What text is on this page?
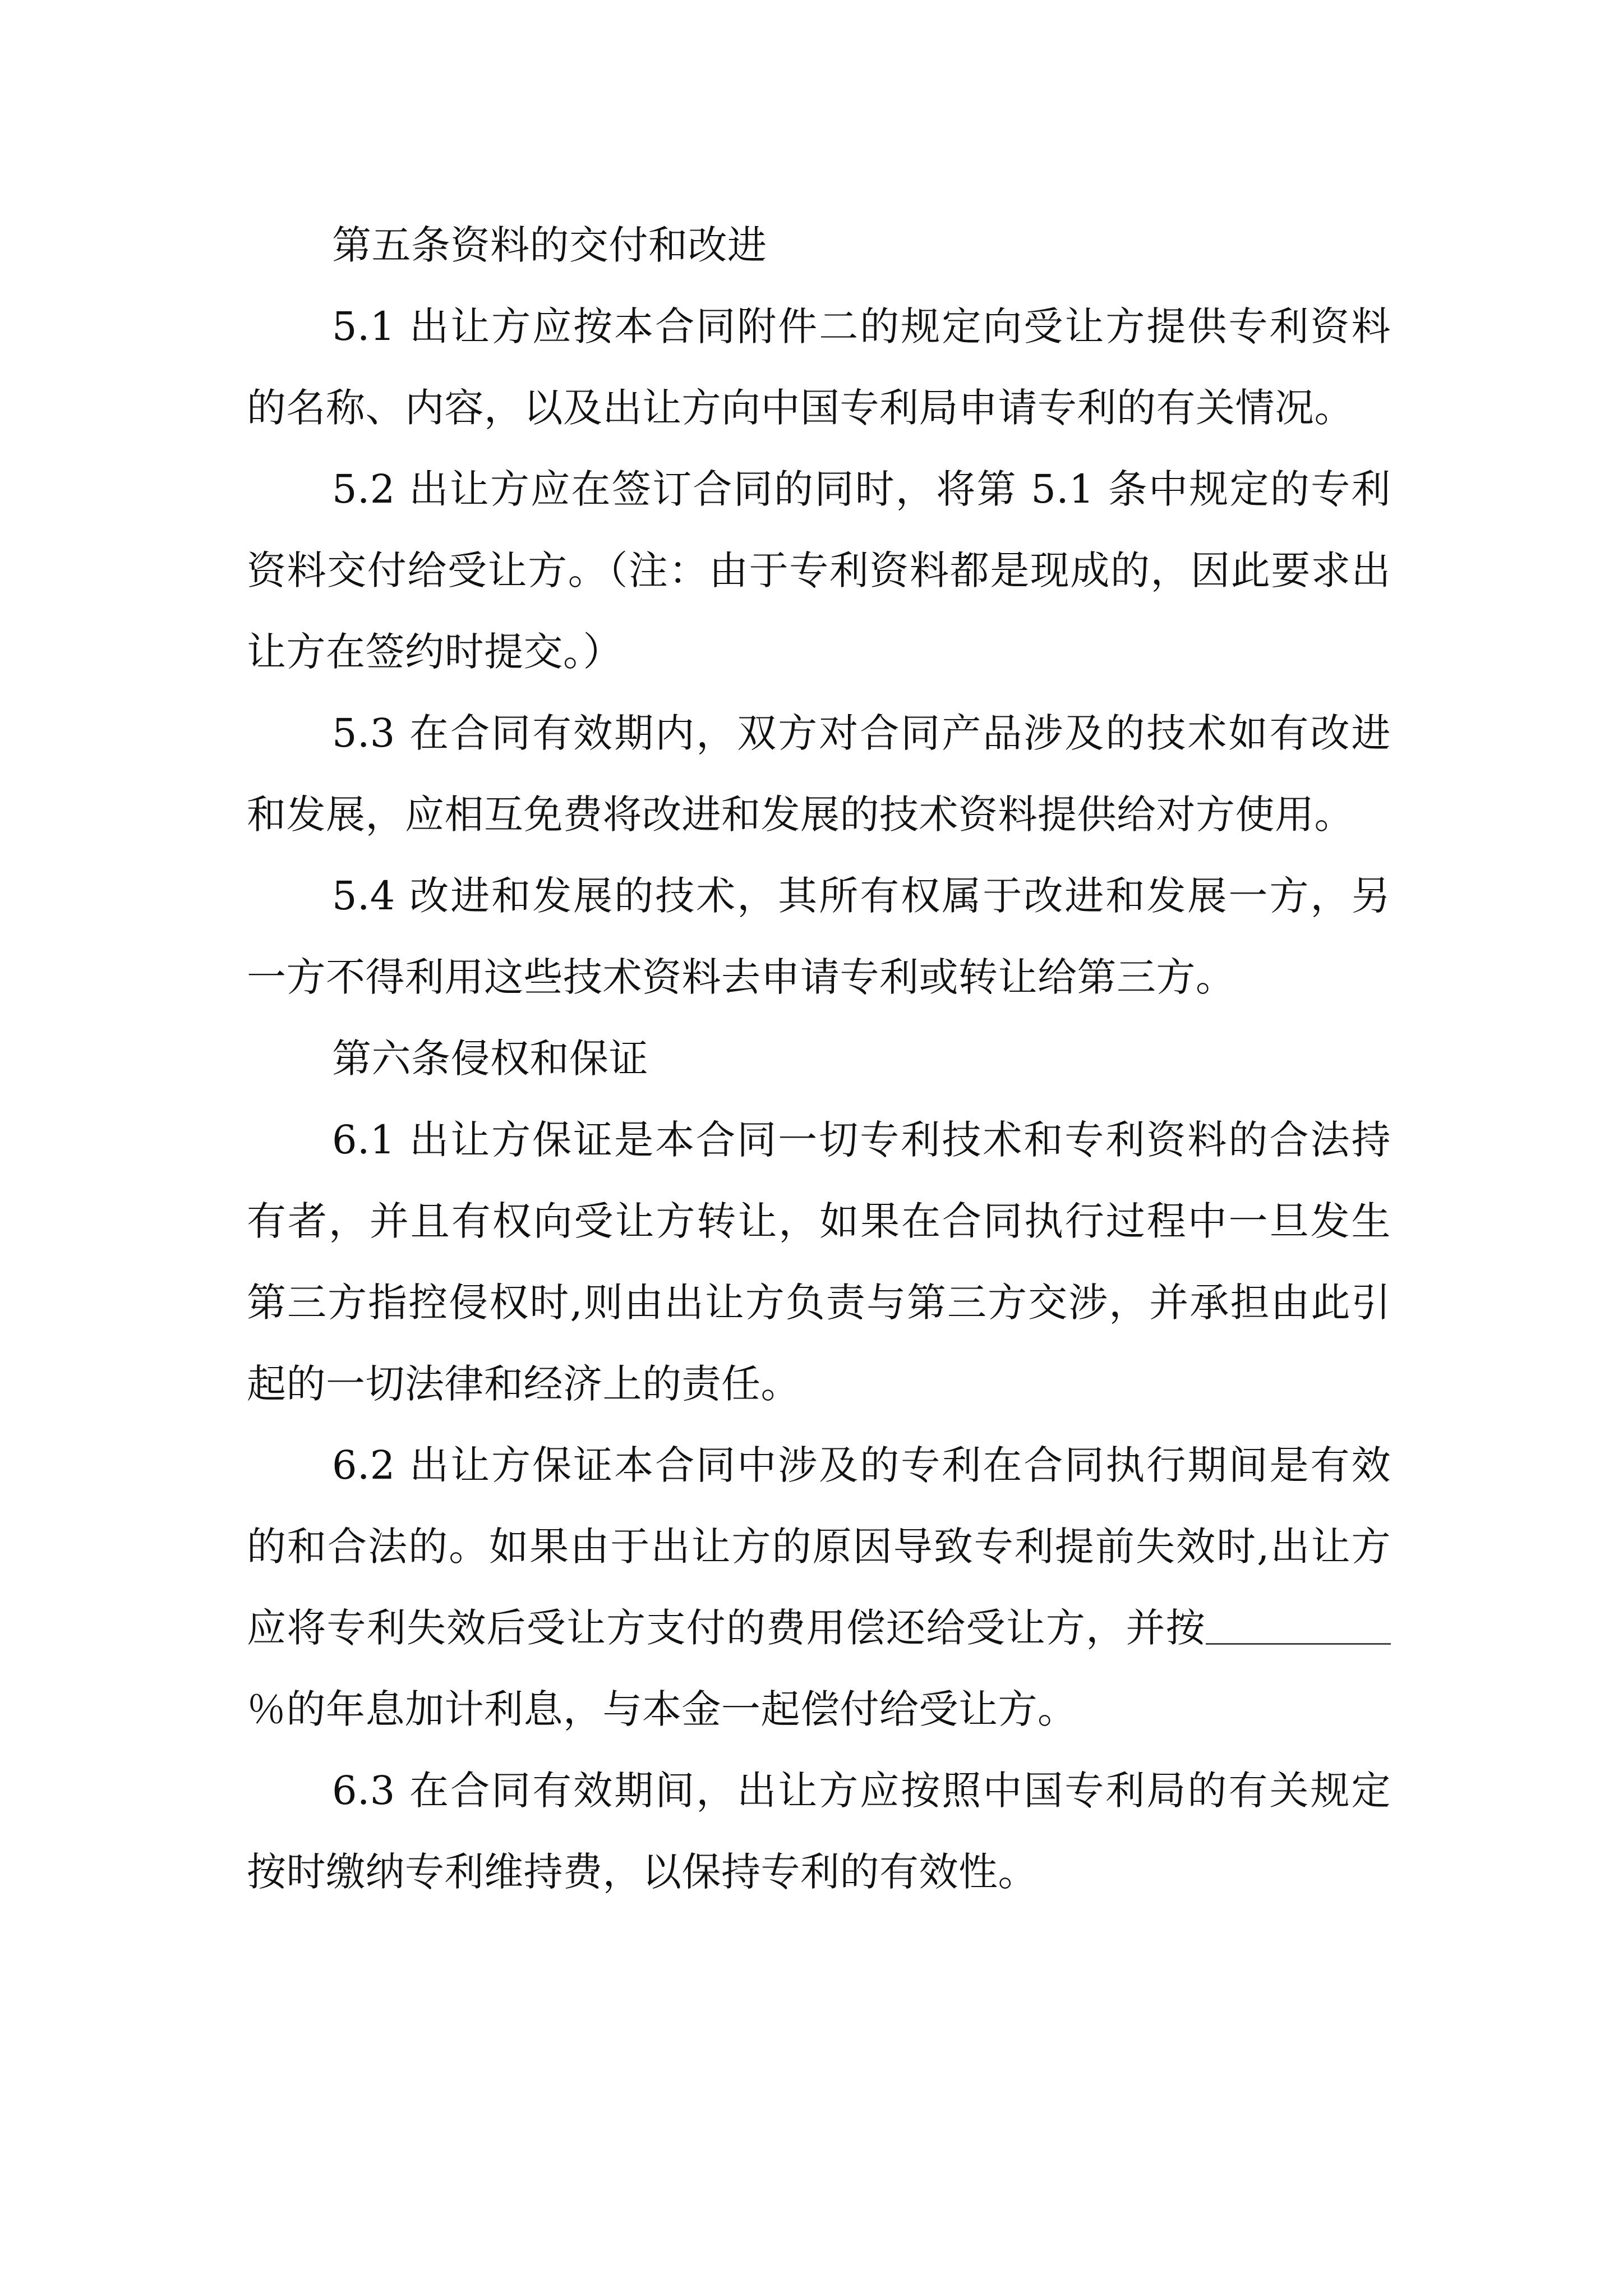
第五条资料的交付和改进

5.1 出让方应按本合同附件二的规定向受让方提供专利资料的名称、内容，以及出让方向中国专利局申请专利的有关情况。

5.2 出让方应在签订合同的同时，将第 5.1 条中规定的专利资料交付给受让方。（注：由于专利资料都是现成的，因此要求出让方在签约时提交。）

5.3 在合同有效期内，双方对合同产品涉及的技术如有改进和发展，应相互免费将改进和发展的技术资料提供给对方使用。

5.4 改进和发展的技术，其所有权属于改进和发展一方，另一方不得利用这些技术资料去申请专利或转让给第三方。

第六条侵权和保证

6.1 出让方保证是本合同一切专利技术和专利资料的合法持有者，并且有权向受让方转让，如果在合同执行过程中一旦发生第三方指控侵权时,则由出让方负责与第三方交涉，并承担由此引起的一切法律和经济上的责任。

6.2 出让方保证本合同中涉及的专利在合同执行期间是有效的和合法的。如果由于出让方的原因导致专利提前失效时,出让方应将专利失效后受让方支付的费用偿还给受让方，并按％的年息加计利息，与本金一起偿付给受让方。

6.3 在合同有效期间，出让方应按照中国专利局的有关规定按时缴纳专利维持费，以保持专利的有效性。
